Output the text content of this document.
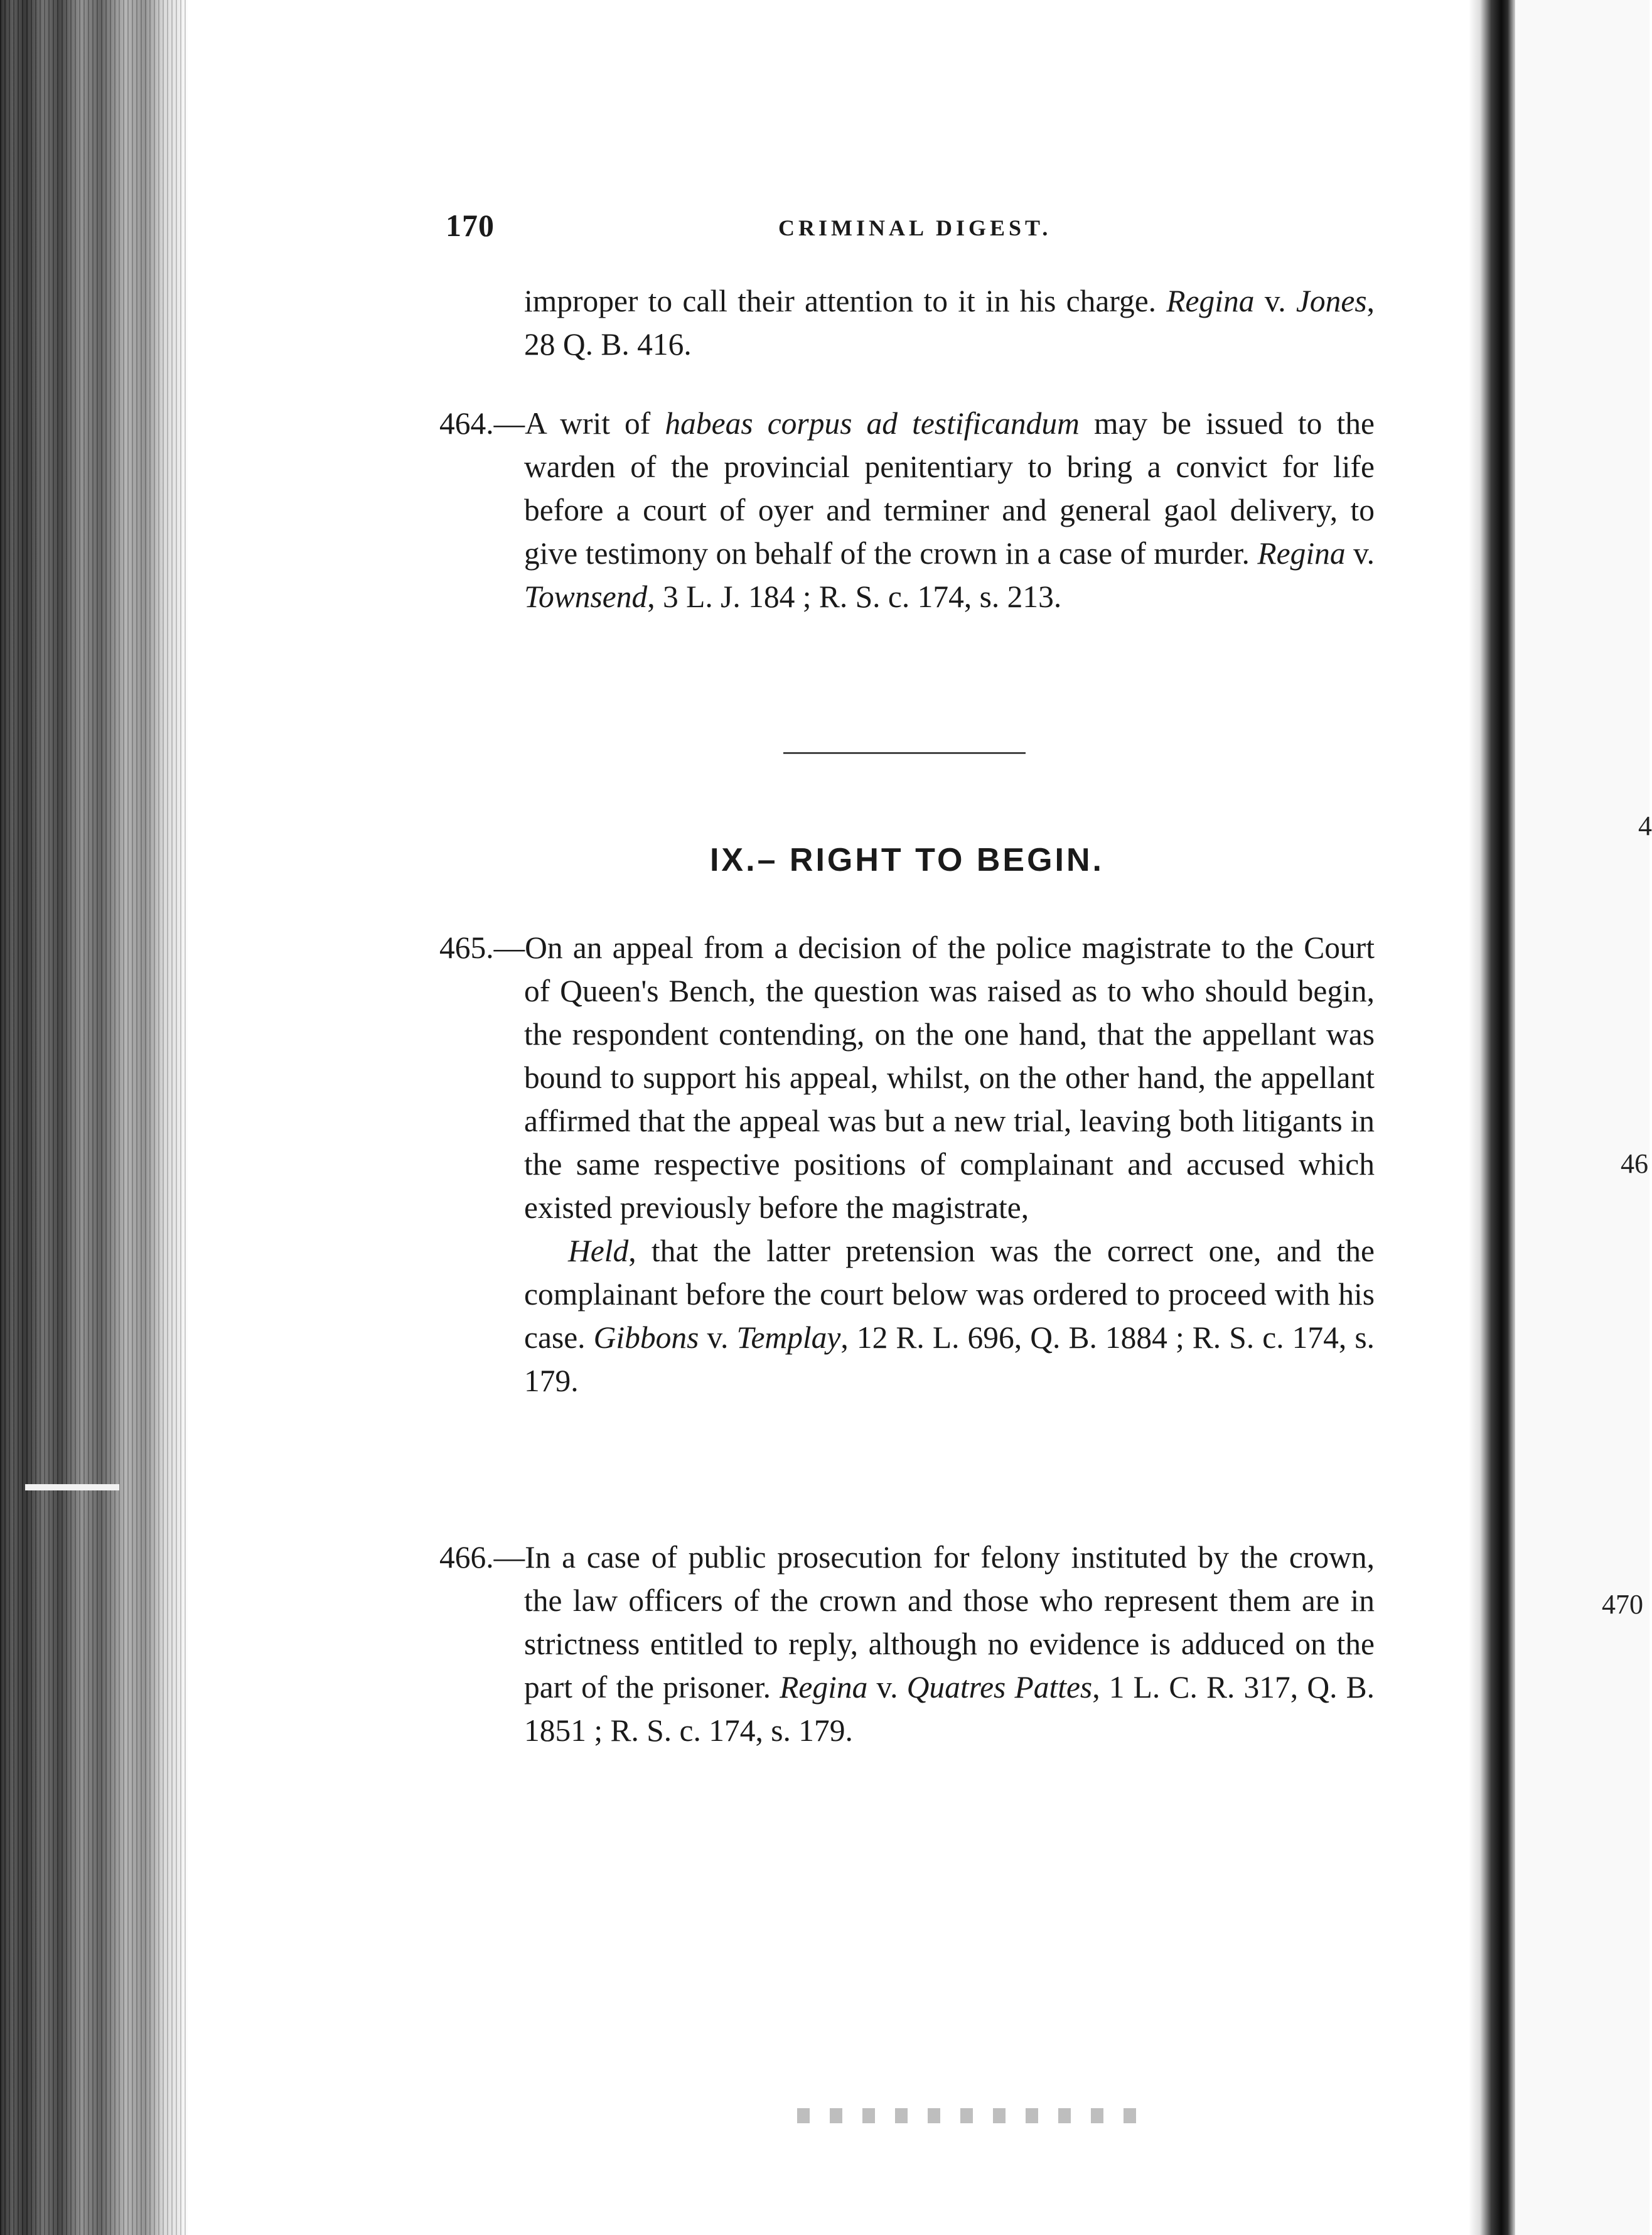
4
46
470
170	CRIMINAL DIGEST.

improper to call their attention to it in his charge. Regina v. Jones, 28 Q. B. 416.

464.—A writ of habeas corpus ad testificandum may be issued to the warden of the provincial penitentiary to bring a convict for life before a court of oyer and terminer and general gaol delivery, to give testimony on behalf of the crown in a case of murder. Regina v. Townsend, 3 L. J. 184 ; R. S. c. 174, s. 213.

IX.– RIGHT TO BEGIN.

465.—On an appeal from a decision of the police magistrate to the Court of Queen's Bench, the question was raised as to who should begin, the respondent contending, on the one hand, that the appellant was bound to support his appeal, whilst, on the other hand, the appellant affirmed that the appeal was but a new trial, leaving both litigants in the same respective positions of complainant and accused which existed previously before the magistrate,

Held, that the latter pretension was the correct one, and the complainant before the court below was ordered to proceed with his case. Gibbons v. Templay, 12 R. L. 696, Q. B. 1884 ; R. S. c. 174, s. 179.

466.—In a case of public prosecution for felony instituted by the crown, the law officers of the crown and those who represent them are in strictness entitled to reply, although no evidence is adduced on the part of the prisoner. Regina v. Quatres Pattes, 1 L. C. R. 317, Q. B. 1851 ; R. S. c. 174, s. 179.
